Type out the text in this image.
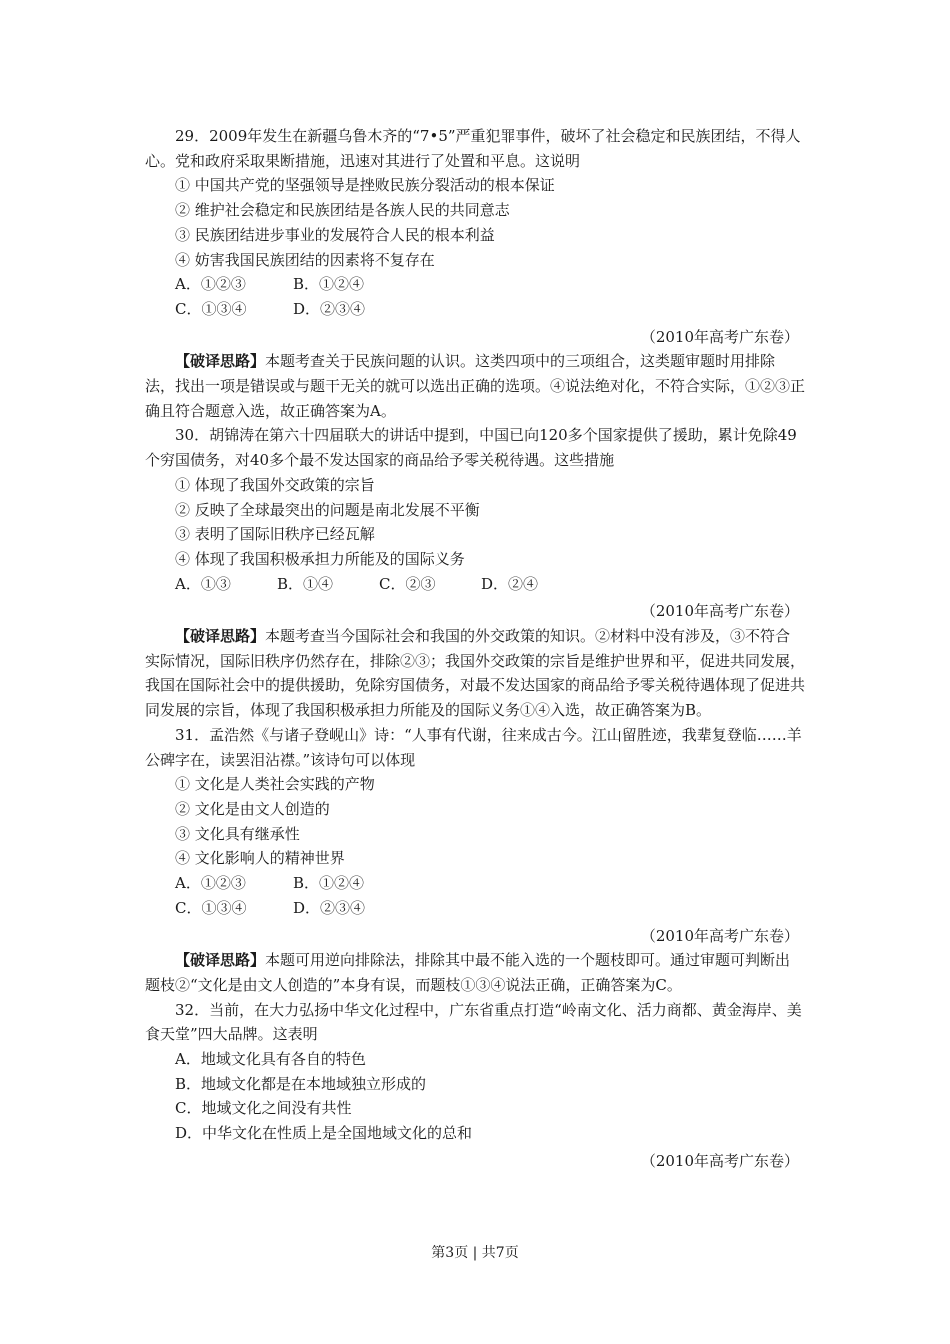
29．2009年发生在新疆乌鲁木齐的“7•5”严重犯罪事件，破坏了社会稳定和民族团结，不得人心。党和政府采取果断措施，迅速对其进行了处置和平息。这说明

① 中国共产党的坚强领导是挫败民族分裂活动的根本保证

② 维护社会稳定和民族团结是各族人民的共同意志

③ 民族团结进步事业的发展符合人民的根本利益

④ 妨害我国民族团结的因素将不复存在

A．①②③	B．①②④

C．①③④	D．②③④

（2010年高考广东卷）

【破译思路】本题考查关于民族问题的认识。这类四项中的三项组合，这类题审题时用排除法，找出一项是错误或与题干无关的就可以选出正确的选项。④说法绝对化，不符合实际，①②③正确且符合题意入选，故正确答案为A。

30．胡锦涛在第六十四届联大的讲话中提到，中国已向120多个国家提供了援助，累计免除49个穷国债务，对40多个最不发达国家的商品给予零关税待遇。这些措施

① 体现了我国外交政策的宗旨

② 反映了全球最突出的问题是南北发展不平衡

③ 表明了国际旧秩序已经瓦解

④ 体现了我国积极承担力所能及的国际义务

A．①③	B．①④	C．②③	D．②④

（2010年高考广东卷）

【破译思路】本题考查当今国际社会和我国的外交政策的知识。②材料中没有涉及，③不符合实际情况，国际旧秩序仍然存在，排除②③；我国外交政策的宗旨是维护世界和平，促进共同发展，我国在国际社会中的提供援助，免除穷国债务，对最不发达国家的商品给予零关税待遇体现了促进共同发展的宗旨，体现了我国积极承担力所能及的国际义务①④入选，故正确答案为B。

31．孟浩然《与诸子登岘山》诗：“人事有代谢，往来成古今。江山留胜迹，我辈复登临……羊公碑字在，读罢泪沾襟。”该诗句可以体现

① 文化是人类社会实践的产物

② 文化是由文人创造的

③ 文化具有继承性

④ 文化影响人的精神世界

A．①②③	B．①②④

C．①③④	D．②③④

（2010年高考广东卷）

【破译思路】本题可用逆向排除法，排除其中最不能入选的一个题枝即可。通过审题可判断出题枝②“文化是由文人创造的”本身有误，而题枝①③④说法正确，正确答案为C。

32．当前，在大力弘扬中华文化过程中，广东省重点打造“岭南文化、活力商都、黄金海岸、美食天堂”四大品牌。这表明

A．地域文化具有各自的特色

B．地域文化都是在本地域独立形成的

C．地域文化之间没有共性

D．中华文化在性质上是全国地域文化的总和

（2010年高考广东卷）

第3页 | 共7页
